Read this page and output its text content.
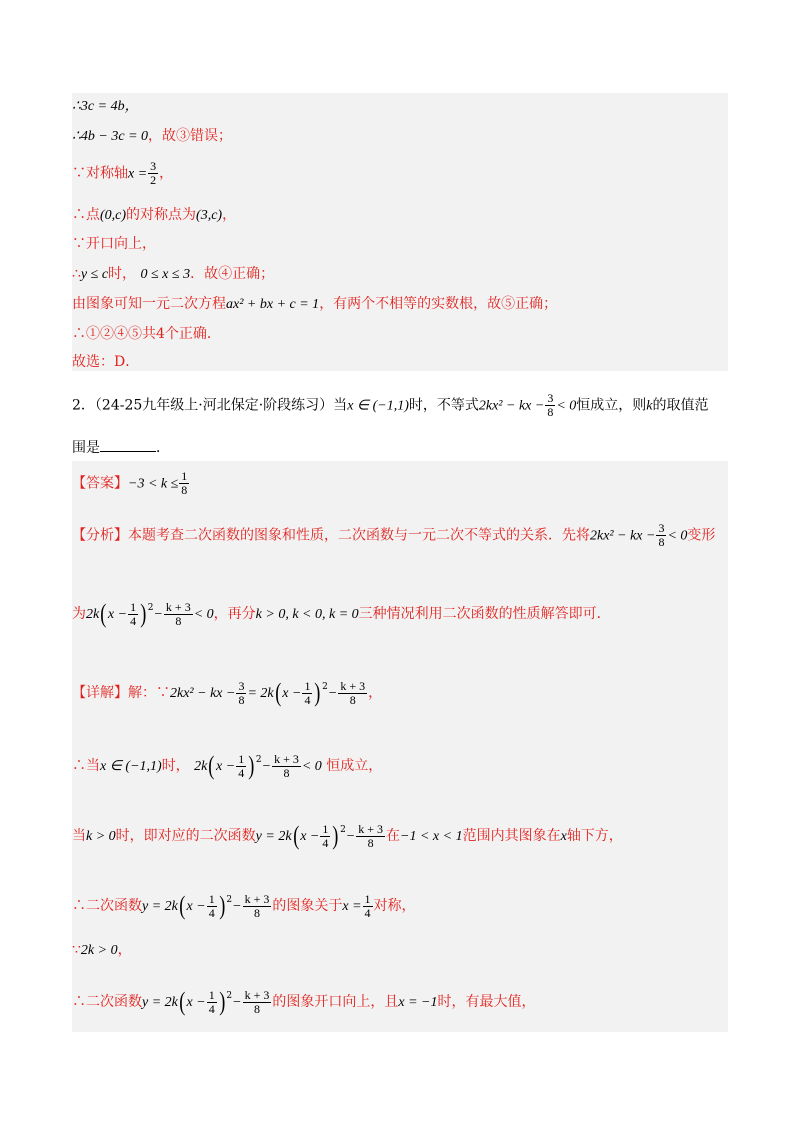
∴3c = 4b，
∴4b − 3c = 0，故③错误；
∵对称轴$x = \frac{3}{2}$ ，
∴点(0,c)的对称点为(3,c)，
∵开口向上，
∴y ≤ c时， 0 ≤ x ≤ 3．故④正确；
由图象可知一元二次方程ax² + bx + c = 1，有两个不相等的实数根，故⑤正确；
∴①②④⑤共4个正确．
故选：D．
2．（24-25九年级上·河北保定·阶段练习）当x ∈ (−1,1)时，不等式2kx² − kx − $\frac{3}{8} < 0$恒成立，则k的取值范
围是	．
【答案】$-3 < k \le \frac{1}{8}$
【分析】本题考查二次函数的图象和性质，二次函数与一元二次不等式的关系．先将2kx² − kx − $\frac{3}{8} < 0$变形
为$2k(x - \frac{1}{4} )^2- \frac{k + 3}{8} < 0$，再分k > 0, k < 0, k = 0三种情况利用二次函数的性质解答即可．
【详解】解：∵2kx² − kx − $\frac{3}{8} = 2k(x - \frac{1}{4} )^2- \frac{k + 3}{8}$ ，
∴当x ∈ (−1,1)时， $2k(x - \frac{1}{4} )^2- \frac{k + 3}{8} < 0$ 恒成立，
当k > 0时，即对应的二次函数$y = 2k(x - \frac{1}{4} )^2- \frac{k + 3}{8}$ 在−1 < x < 1范围内其图象在x轴下方，
∴二次函数$y = 2k(x - \frac{1}{4} )^2- \frac{k + 3}{8}$ 的图象关于$x = \frac{1}{4}$ 对称，
∵2k > 0，
∴二次函数$y = 2k(x - \frac{1}{4} )^2- \frac{k + 3}{8}$ 的图象开口向上，且x = −1时，有最大值，
